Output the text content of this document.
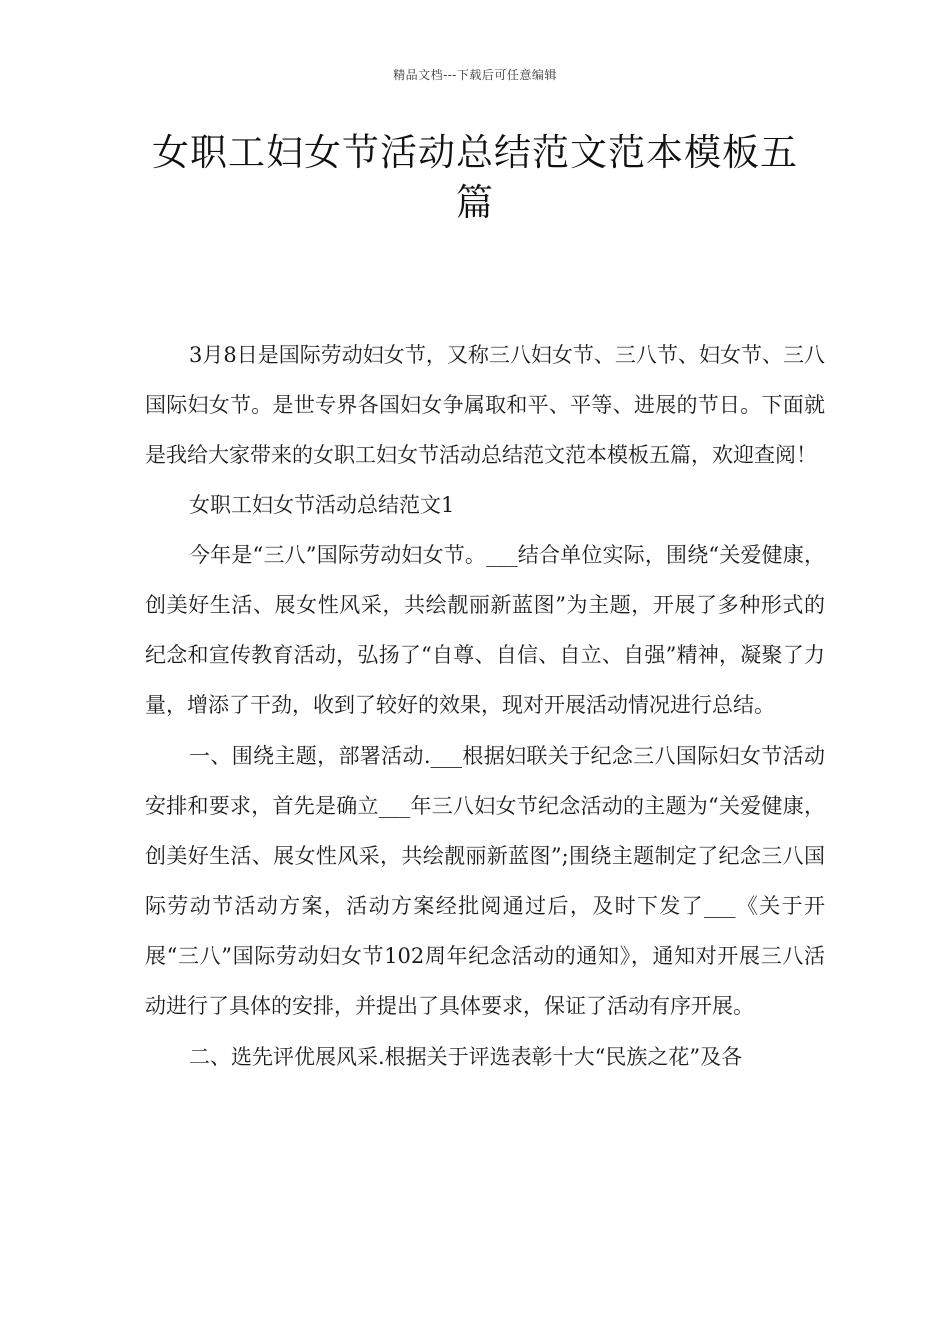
精品文档---下载后可任意编辑
女职工妇女节活动总结范文范本模板五篇

3月8日是国际劳动妇女节，又称三八妇女节、三八节、妇女节、三八国际妇女节。是世专界各国妇女争属取和平、平等、进展的节日。下面就是我给大家带来的女职工妇女节活动总结范文范本模板五篇，欢迎查阅！

女职工妇女节活动总结范文1

今年是“三八”国际劳动妇女节。___结合单位实际，围绕“关爱健康，创美好生活、展女性风采，共绘靓丽新蓝图”为主题，开展了多种形式的纪念和宣传教育活动，弘扬了“自尊、自信、自立、自强”精神，凝聚了力量，增添了干劲，收到了较好的效果，现对开展活动情况进行总结。

一、围绕主题，部署活动.___根据妇联关于纪念三八国际妇女节活动安排和要求，首先是确立___年三八妇女节纪念活动的主题为“关爱健康，创美好生活、展女性风采，共绘靓丽新蓝图”;围绕主题制定了纪念三八国际劳动节活动方案，活动方案经批阅通过后，及时下发了___《关于开展“三八”国际劳动妇女节102周年纪念活动的通知》，通知对开展三八活动进行了具体的安排，并提出了具体要求，保证了活动有序开展。

二、选先评优展风采.根据关于评选表彰十大“民族之花”及各
